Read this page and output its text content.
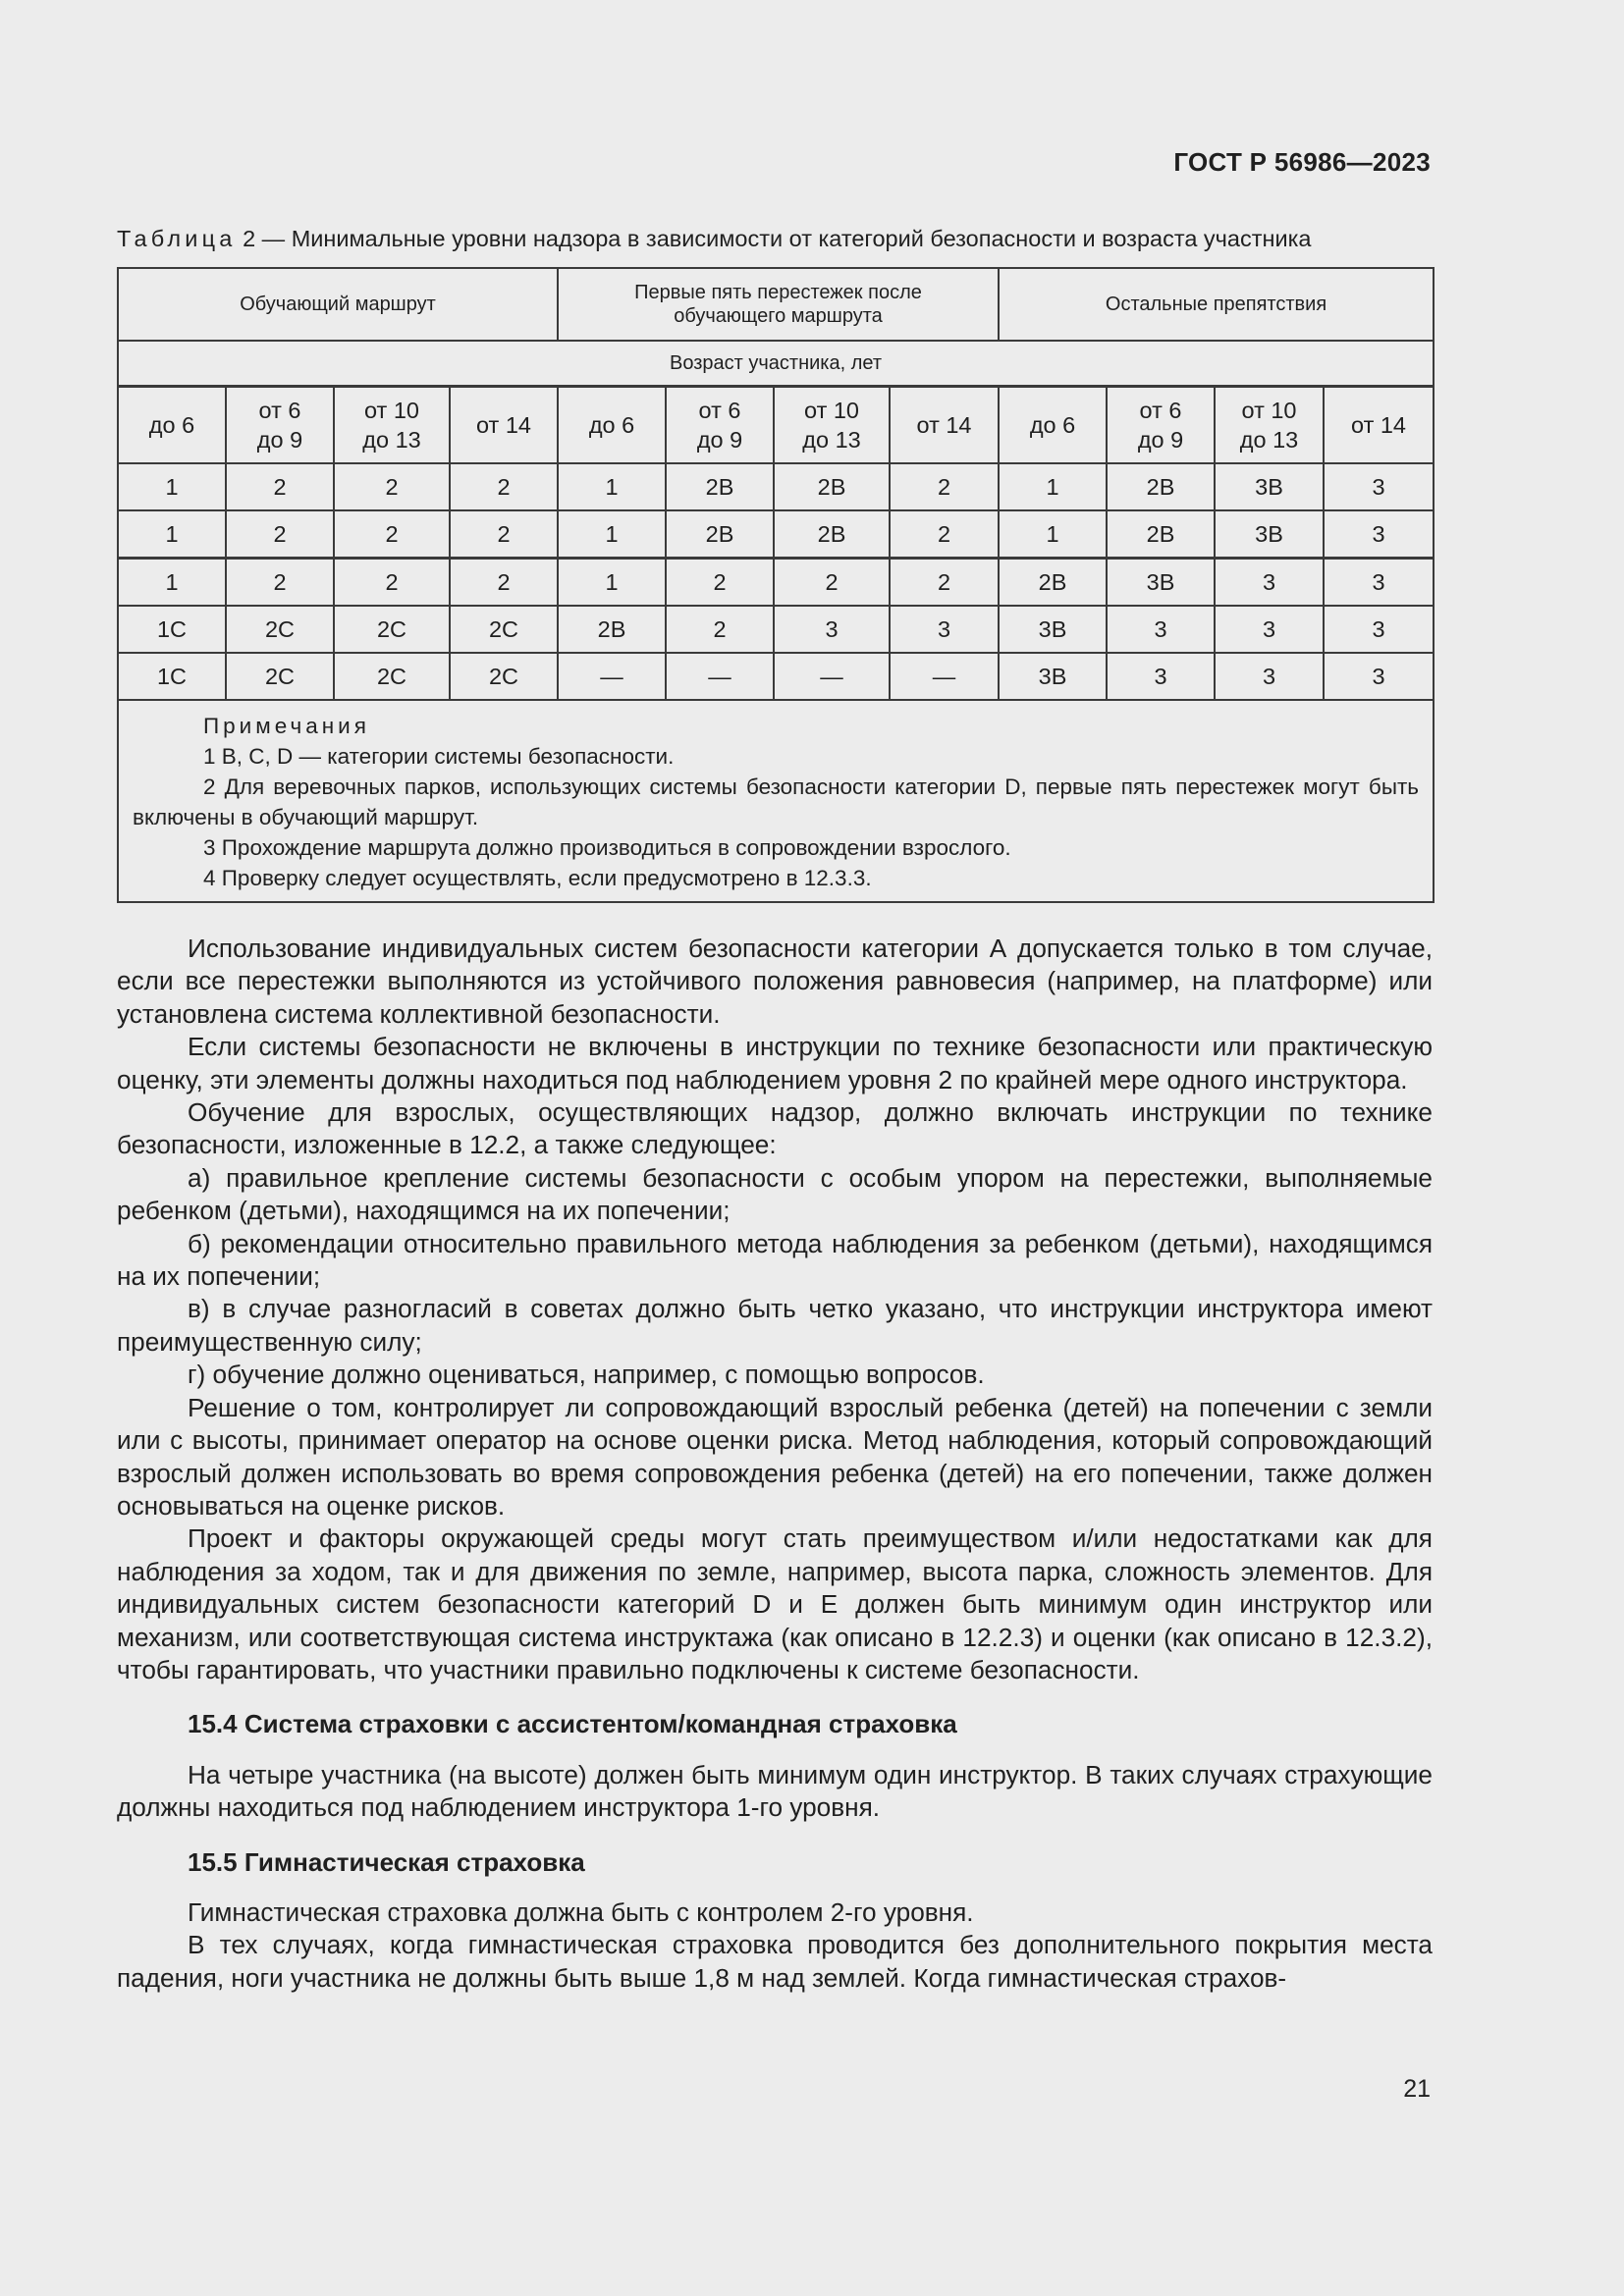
ГОСТ Р 56986—2023
Таблица 2 — Минимальные уровни надзора в зависимости от категорий безопасности и возраста участника
Обучающий маршрут				Первые пять перестежек после обучающего маршрута				Остальные препятствия			
Возраст участника, лет											
до 6	от 6 до 9	от 10 до 13	от 14	до 6	от 6 до 9	от 10 до 13	от 14	до 6	от 6 до 9	от 10 до 13	от 14
1	2	2	2	1	2B	2B	2	1	2B	3B	3
1	2	2	2	1	2B	2B	2	1	2B	3B	3
1	2	2	2	1	2	2	2	2B	3B	3	3
1C	2C	2C	2C	2B	2	3	3	3B	3	3	3
1C	2C	2C	2C	—	—	—	—	3B	3	3	3

Примечания

1 B, C, D — категории системы безопасности.

2 Для веревочных парков, использующих системы безопасности категории D, первые пять перестежек могут быть включены в обучающий маршрут.

3 Прохождение маршрута должно производиться в сопровождении взрослого.

4 Проверку следует осуществлять, если предусмотрено в 12.3.3.											

Использование индивидуальных систем безопасности категории А допускается только в том случае, если все перестежки выполняются из устойчивого положения равновесия (например, на платформе) или установлена система коллективной безопасности.

Если системы безопасности не включены в инструкции по технике безопасности или практическую оценку, эти элементы должны находиться под наблюдением уровня 2 по крайней мере одного инструктора.

Обучение для взрослых, осуществляющих надзор, должно включать инструкции по технике безопасности, изложенные в 12.2, а также следующее:

а) правильное крепление системы безопасности с особым упором на перестежки, выполняемые ребенком (детьми), находящимся на их попечении;

б) рекомендации относительно правильного метода наблюдения за ребенком (детьми), находящимся на их попечении;

в) в случае разногласий в советах должно быть четко указано, что инструкции инструктора имеют преимущественную силу;

г) обучение должно оцениваться, например, с помощью вопросов.

Решение о том, контролирует ли сопровождающий взрослый ребенка (детей) на попечении с земли или с высоты, принимает оператор на основе оценки риска. Метод наблюдения, который сопровождающий взрослый должен использовать во время сопровождения ребенка (детей) на его попечении, также должен основываться на оценке рисков.

Проект и факторы окружающей среды могут стать преимуществом и/или недостатками как для наблюдения за ходом, так и для движения по земле, например, высота парка, сложность элементов. Для индивидуальных систем безопасности категорий D и E должен быть минимум один инструктор или механизм, или соответствующая система инструктажа (как описано в 12.2.3) и оценки (как описано в 12.3.2), чтобы гарантировать, что участники правильно подключены к системе безопасности.

15.4 Система страховки с ассистентом/командная страховка

На четыре участника (на высоте) должен быть минимум один инструктор. В таких случаях страхующие должны находиться под наблюдением инструктора 1-го уровня.

15.5 Гимнастическая страховка

Гимнастическая страховка должна быть с контролем 2-го уровня.

В тех случаях, когда гимнастическая страховка проводится без дополнительного покрытия места падения, ноги участника не должны быть выше 1,8 м над землей. Когда гимнастическая страхов-

21
